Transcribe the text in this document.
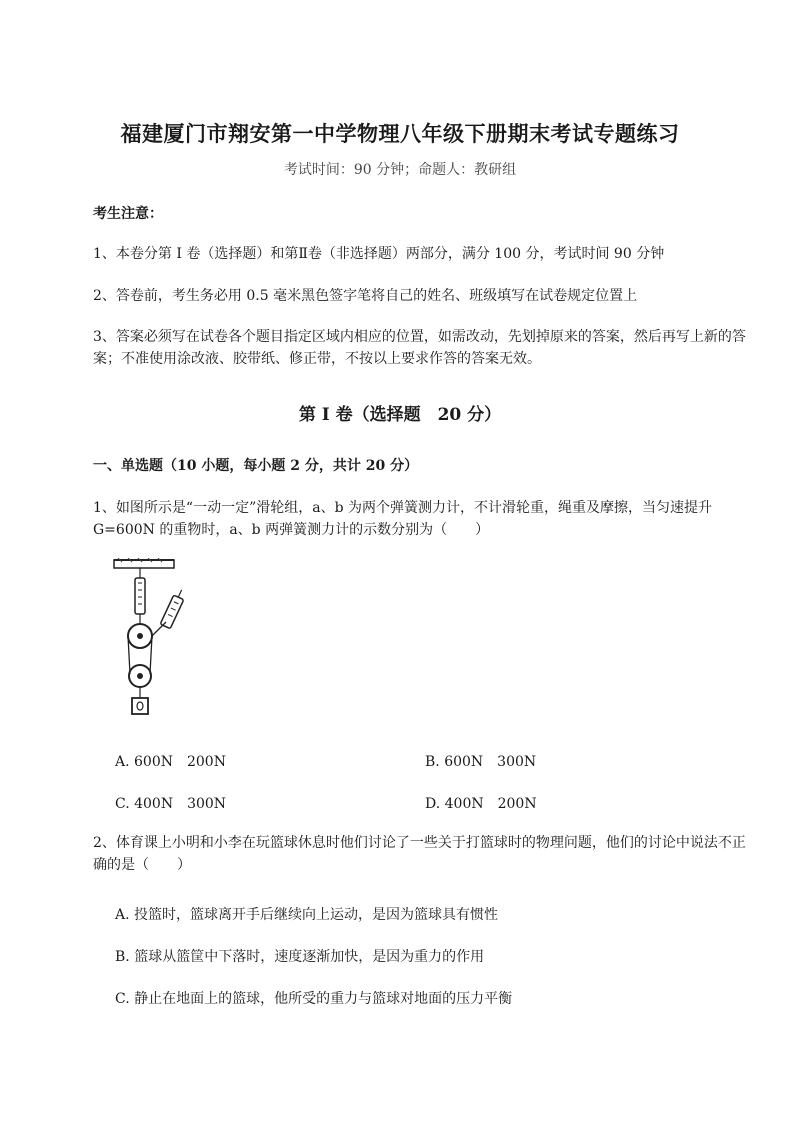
福建厦门市翔安第一中学物理八年级下册期末考试专题练习
考试时间：90 分钟；命题人：教研组
考生注意：
1、本卷分第 I 卷（选择题）和第Ⅱ卷（非选择题）两部分，满分 100 分，考试时间 90 分钟
2、答卷前，考生务必用 0.5 毫米黑色签字笔将自己的姓名、班级填写在试卷规定位置上
3、答案必须写在试卷各个题目指定区域内相应的位置，如需改动，先划掉原来的答案，然后再写上新的答案；不准使用涂改液、胶带纸、修正带，不按以上要求作答的答案无效。
第 I 卷（选择题　20 分）
一、单选题（10 小题，每小题 2 分，共计 20 分）
1、如图所示是“一动一定”滑轮组，a、b 为两个弹簧测力计，不计滑轮重，绳重及摩擦，当匀速提升 G=600N 的重物时，a、b 两弹簧测力计的示数分别为（　　）
A. 600N　200N	B. 600N　300N
C. 400N　300N	D. 400N　200N
2、体育课上小明和小李在玩篮球休息时他们讨论了一些关于打篮球时的物理问题，他们的讨论中说法不正确的是（　　）
A. 投篮时，篮球离开手后继续向上运动，是因为篮球具有惯性
B. 篮球从篮筐中下落时，速度逐渐加快，是因为重力的作用
C. 静止在地面上的篮球，他所受的重力与篮球对地面的压力平衡
